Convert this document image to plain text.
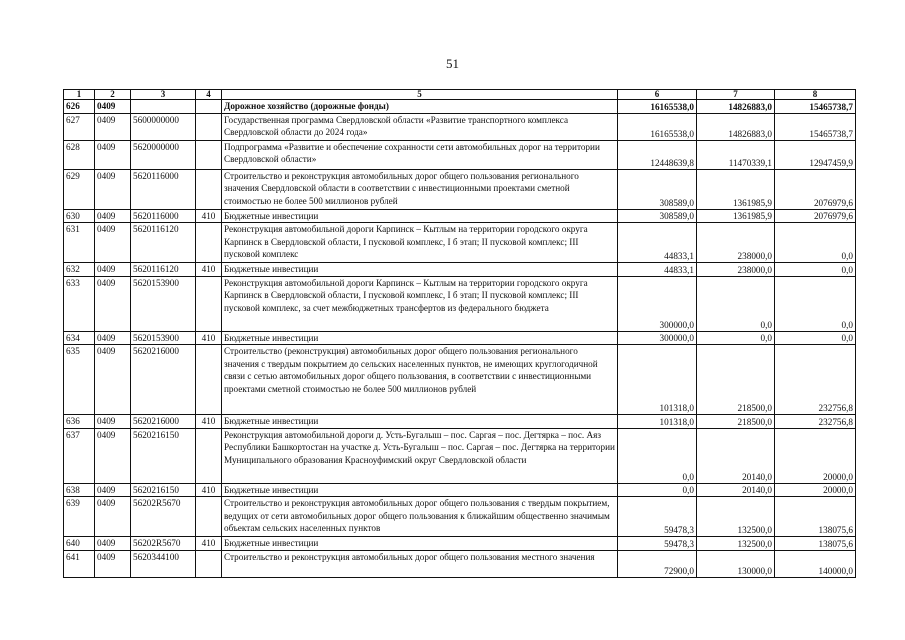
51
1	2	3	4	5	6	7	8
626	0409			Дорожное хозяйство (дорожные фонды)	16165538,0	14826883,0	15465738,7
627	0409	5600000000		Государственная программа Свердловской области «Развитие транспортного комплекса Свердловской области до 2024 года»	16165538,0	14826883,0	15465738,7
628	0409	5620000000		Подпрограмма «Развитие и обеспечение сохранности сети автомобильных дорог на территории Свердловской области»	12448639,8	11470339,1	12947459,9
629	0409	5620116000		Строительство и реконструкция автомобильных дорог общего пользования регионального значения Свердловской области в соответствии с инвестиционными проектами сметной стоимостью не более 500 миллионов рублей	308589,0	1361985,9	2076979,6
630	0409	5620116000	410	Бюджетные инвестиции	308589,0	1361985,9	2076979,6
631	0409	5620116120		Реконструкция автомобильной дороги Карпинск – Кытлым на территории городского округа Карпинск в Свердловской области, I пусковой комплекс, I б этап; II пусковой комплекс; III пусковой комплекс	44833,1	238000,0	0,0
632	0409	5620116120	410	Бюджетные инвестиции	44833,1	238000,0	0,0
633	0409	5620153900		Реконструкция автомобильной дороги Карпинск – Кытлым на территории городского округа Карпинск в Свердловской области, I пусковой комплекс, I б этап; II пусковой комплекс; III пусковой комплекс, за счет межбюджетных трансфертов из федерального бюджета	300000,0	0,0	0,0
634	0409	5620153900	410	Бюджетные инвестиции	300000,0	0,0	0,0
635	0409	5620216000		Строительство (реконструкция) автомобильных дорог общего пользования регионального значения с твердым покрытием до сельских населенных пунктов, не имеющих круглогодичной связи с сетью автомобильных дорог общего пользования, в соответствии с инвестиционными проектами сметной стоимостью не более 500 миллионов рублей	101318,0	218500,0	232756,8
636	0409	5620216000	410	Бюджетные инвестиции	101318,0	218500,0	232756,8
637	0409	5620216150		Реконструкция автомобильной дороги д. Усть-Бугалыш – пос. Саргая – пос. Дегтярка – пос. Аяз Республики Башкортостан на участке д. Усть-Бугалыш – пос. Саргая – пос. Дегтярка на территории Муниципального образования Красноуфимский округ Свердловской области	0,0	20140,0	20000,0
638	0409	5620216150	410	Бюджетные инвестиции	0,0	20140,0	20000,0
639	0409	56202R5670		Строительство и реконструкция автомобильных дорог общего пользования с твердым покрытием, ведущих от сети автомобильных дорог общего пользования к ближайшим общественно значимым объектам сельских населенных пунктов	59478,3	132500,0	138075,6
640	0409	56202R5670	410	Бюджетные инвестиции	59478,3	132500,0	138075,6
641	0409	5620344100		Строительство и реконструкция автомобильных дорог общего пользования местного значения	72900,0	130000,0	140000,0
